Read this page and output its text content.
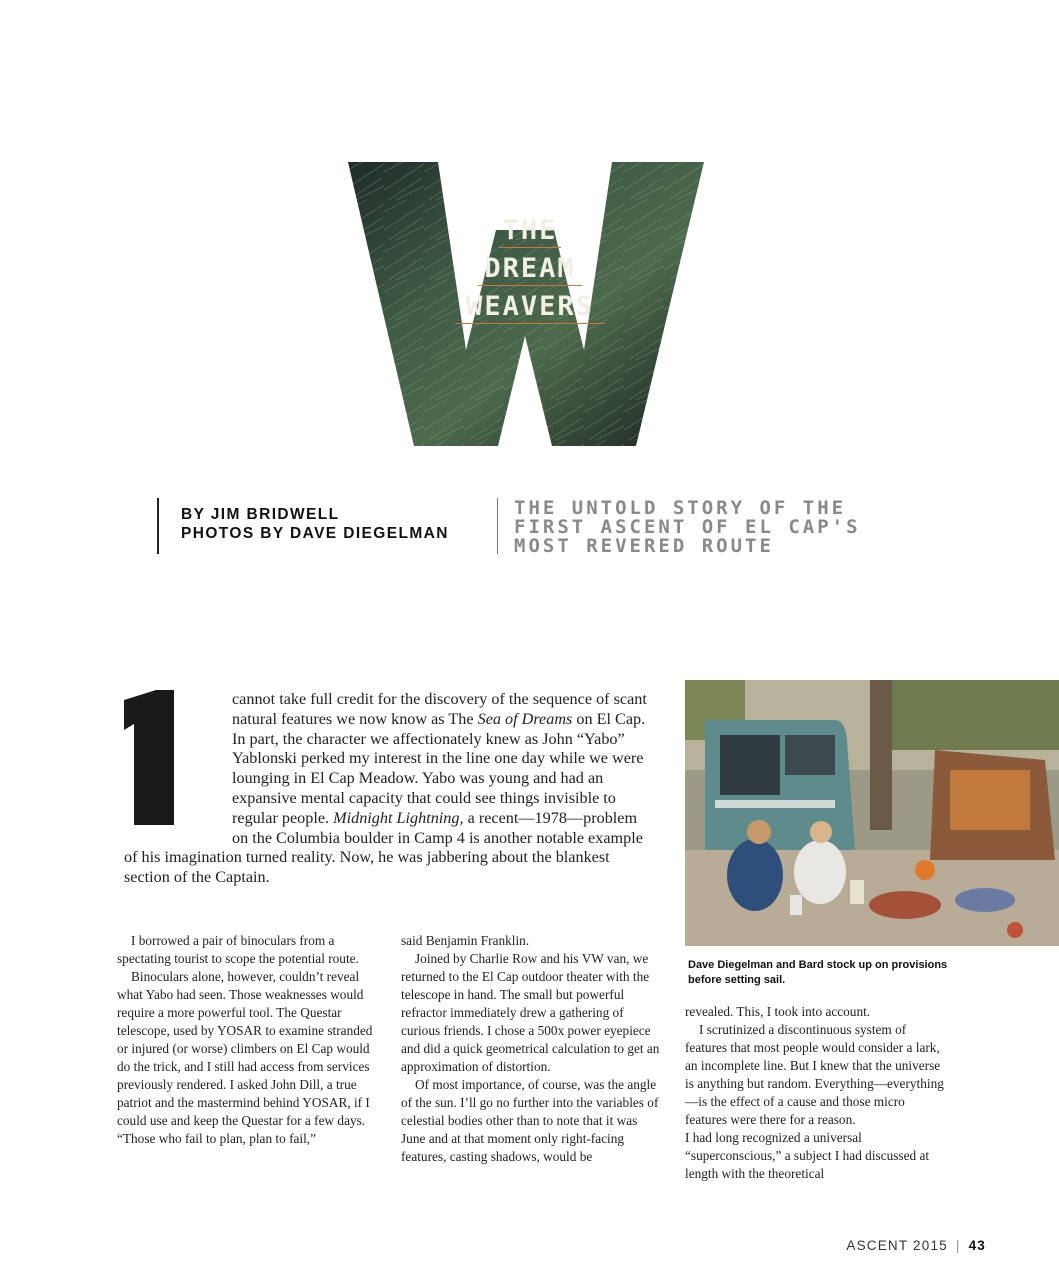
THE
DREAM
WEAVERS
BY JIM BRIDWELL
PHOTOS BY DAVE DIEGELMAN
THE UNTOLD STORY OF THE
FIRST ASCENT OF EL CAP'S
MOST REVERED ROUTE
cannot take full credit for the discovery of the sequence of scant natural features we now know as The Sea of Dreams on El Cap. In part, the character we affectionately knew as John “Yabo” Yablonski perked my interest in the line one day while we were lounging in El Cap Meadow. Yabo was young and had an expansive mental capacity that could see things invisible to regular people. Midnight Lightning, a recent—1978—problem on the Columbia boulder in Camp 4 is another notable example of his imagination turned reality. Now, he was jabbering about the blankest section of the Captain.

I borrowed a pair of binoculars from a spectating tourist to scope the potential route.

Binoculars alone, however, couldn’t reveal what Yabo had seen. Those weaknesses would require a more powerful tool. The Questar telescope, used by YOSAR to examine stranded or injured (or worse) climbers on El Cap would do the trick, and I still had access from services previously rendered. I asked John Dill, a true patriot and the mastermind behind YOSAR, if I could use and keep the Questar for a few days. “Those who fail to plan, plan to fail,”

said Benjamin Franklin.

Joined by Charlie Row and his VW van, we returned to the El Cap outdoor theater with the telescope in hand. The small but powerful refractor immediately drew a gathering of curious friends. I chose a 500x power eyepiece and did a quick geometrical calculation to get an approximation of distortion.

Of most importance, of course, was the angle of the sun. I’ll go no further into the variables of celestial bodies other than to note that it was June and at that moment only right-facing features, casting shadows, would be

revealed. This, I took into account.

I scrutinized a discontinuous system of features that most people would consider a lark, an incomplete line. But I knew that the universe is anything but random. Everything—everything—is the effect of a cause and those micro features were there for a reason.

I had long recognized a universal “superconscious,” a subject I had discussed at length with the theoretical

Dave Diegelman and Bard stock up on provisions before setting sail.
ASCENT 2015 | 43
